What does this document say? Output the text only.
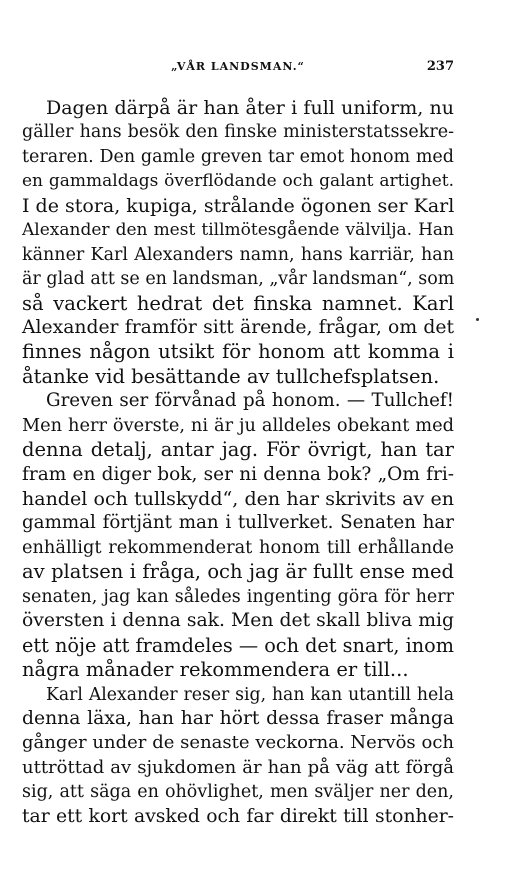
„VÅR LANDSMAN.“	237
Dagen därpå är han åter i full uniform, nu
gäller hans besök den finske ministerstatssekre-
teraren. Den gamle greven tar emot honom med
en gammaldags överflödande och galant artighet.
I de stora, kupiga, strålande ögonen ser Karl
Alexander den mest tillmötesgående välvilja. Han
känner Karl Alexanders namn, hans karriär, han
är glad att se en landsman, „vår landsman“, som
så vackert hedrat det finska namnet. Karl
Alexander framför sitt ärende, frågar, om det
finnes någon utsikt för honom att komma i
åtanke vid besättande av tullchefsplatsen.
Greven ser förvånad på honom. — Tullchef!
Men herr överste, ni är ju alldeles obekant med
denna detalj, antar jag. För övrigt, han tar
fram en diger bok, ser ni denna bok? „Om fri-
handel och tullskydd“, den har skrivits av en
gammal förtjänt man i tullverket. Senaten har
enhälligt rekommenderat honom till erhållande
av platsen i fråga, och jag är fullt ense med
senaten, jag kan således ingenting göra för herr
översten i denna sak. Men det skall bliva mig
ett nöje att framdeles — och det snart, inom
några månader rekommendera er till...
Karl Alexander reser sig, han kan utantill hela
denna läxa, han har hört dessa fraser många
gånger under de senaste veckorna. Nervös och
uttröttad av sjukdomen är han på väg att förgå
sig, att säga en ohövlighet, men sväljer ner den,
tar ett kort avsked och far direkt till stonher-
